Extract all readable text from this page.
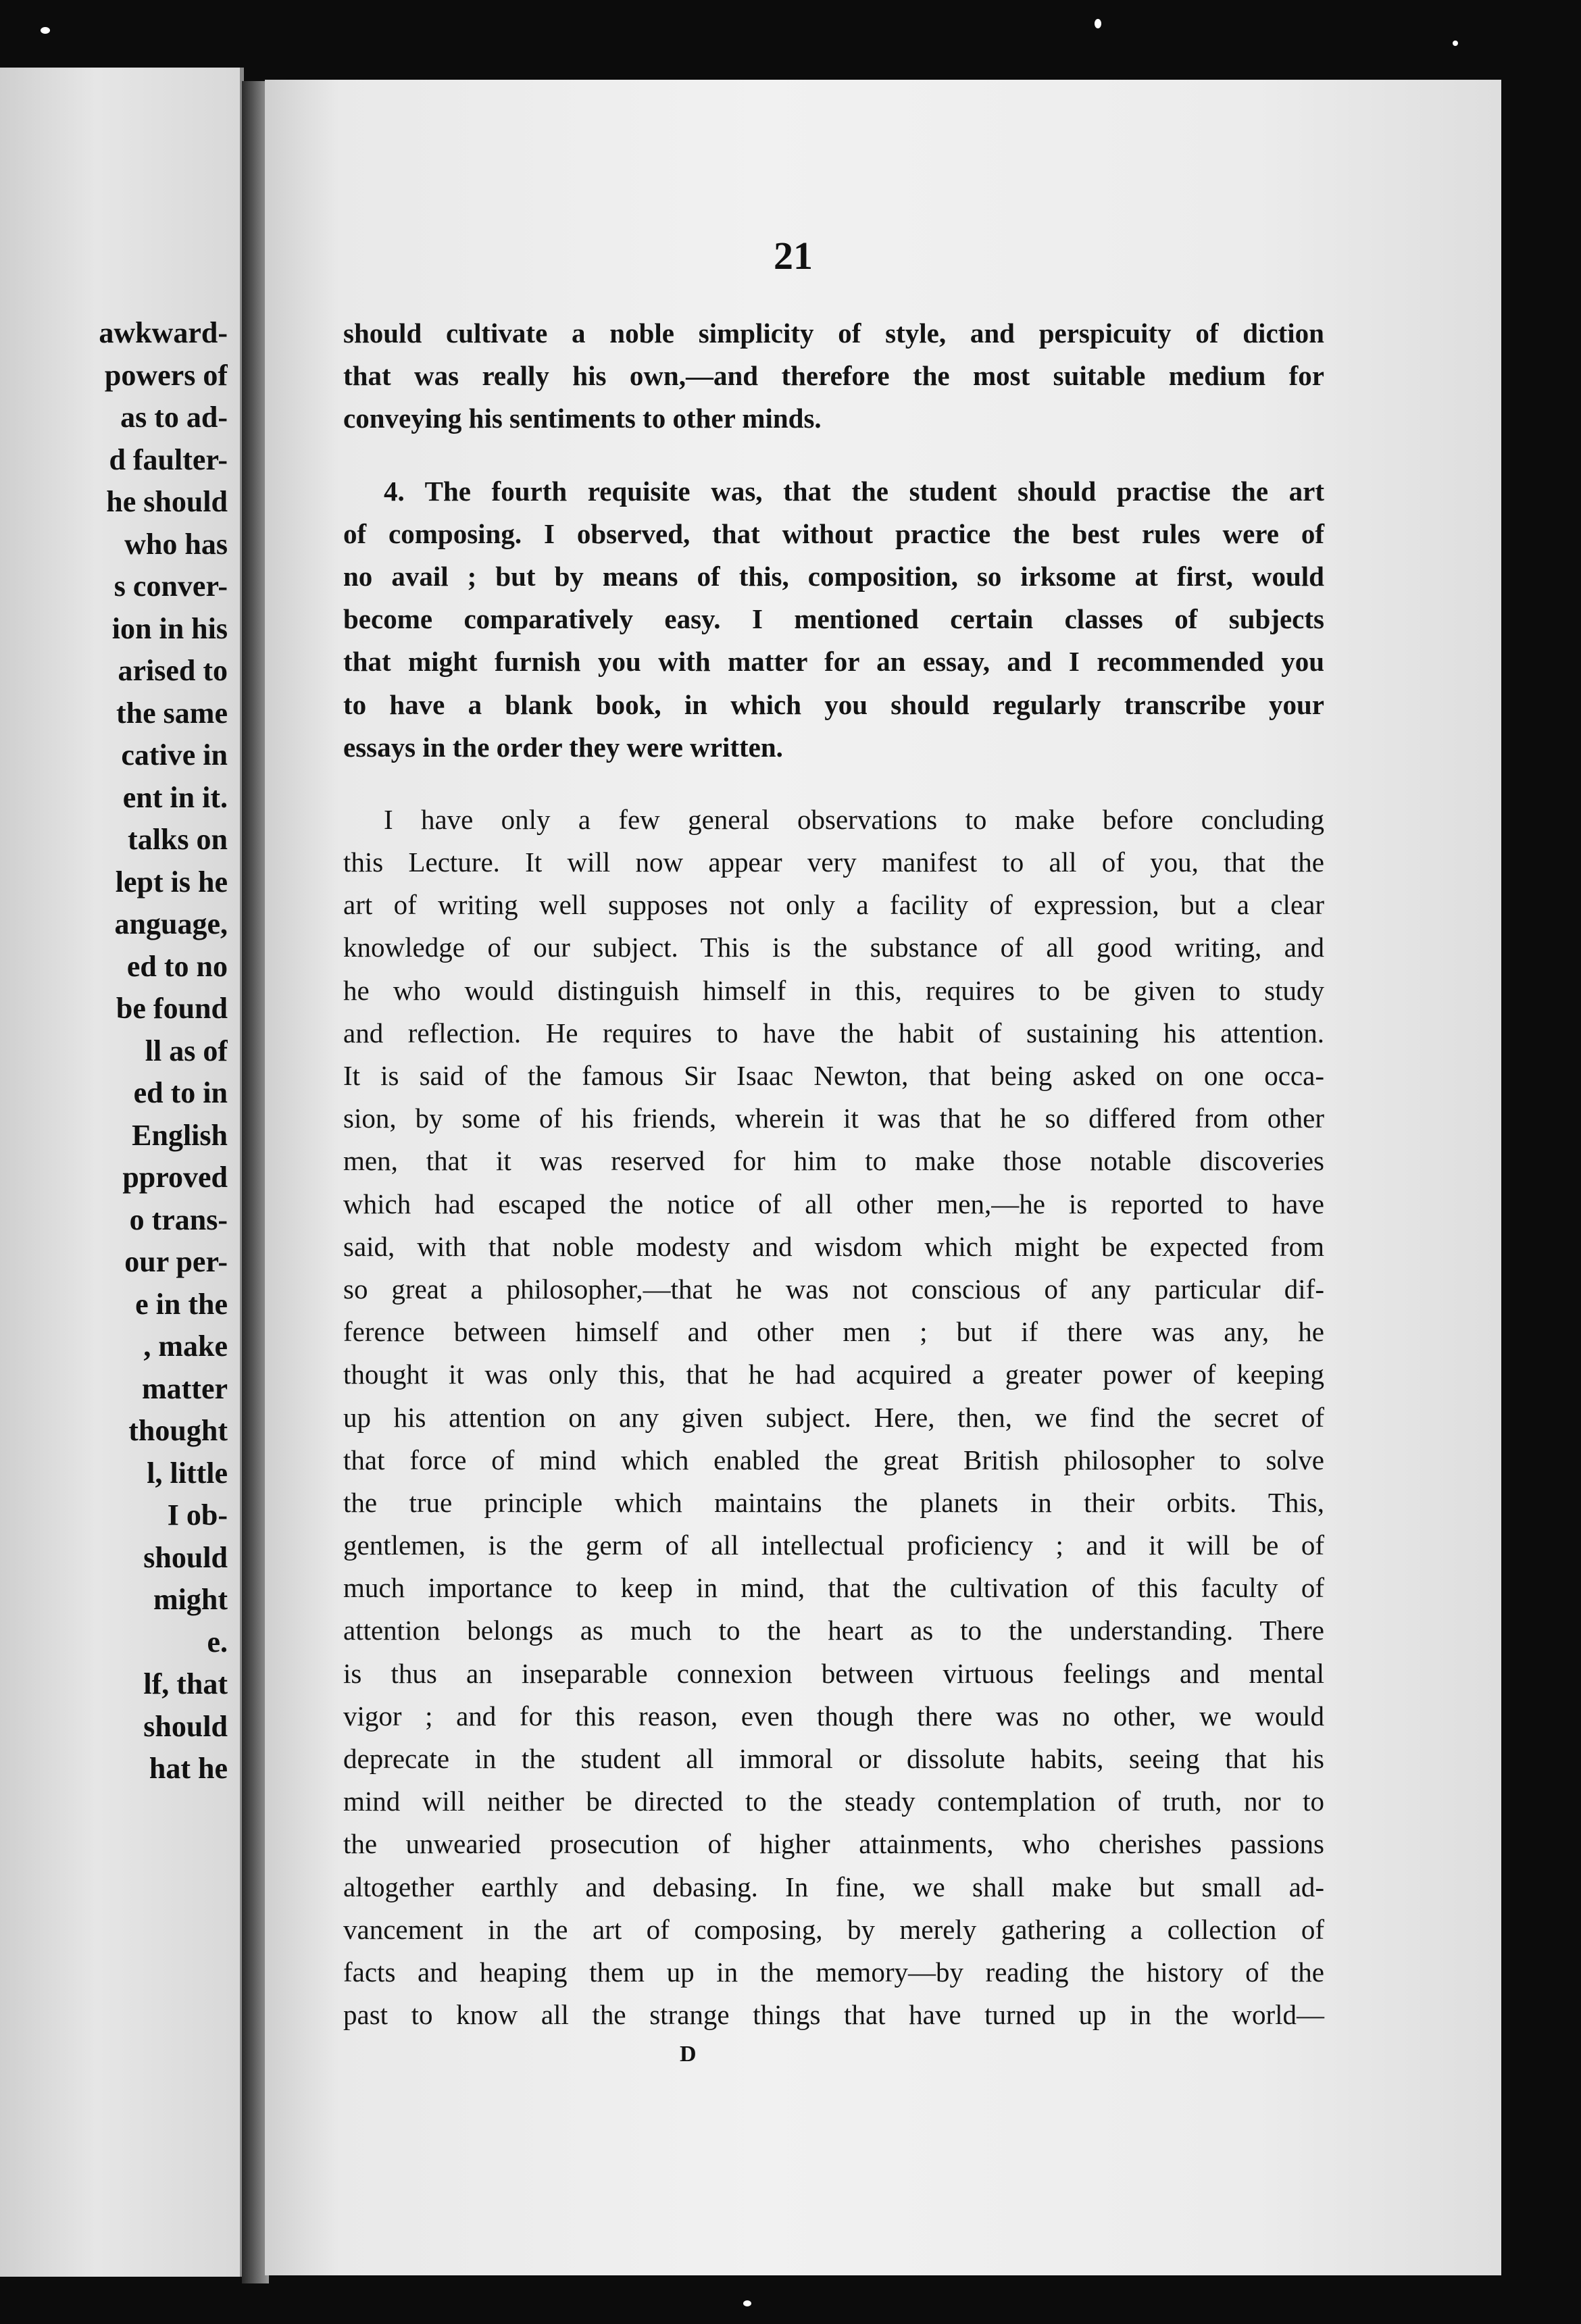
awkward-
powers of
as to ad-
d faulter-
he should
who has
s conver-
ion in his
arised to
the same
cative in
ent in it.
talks on
lept is he
anguage,
ed to no
be found
ll as of
ed to in
English
pproved
o trans-
our per-
e in the
, make
matter
thought
l, little
I ob-
should
might
e.
lf, that
should
hat he
21
should cultivate a noble simplicity of style, and perspicuity of diction
that was really his own,—and therefore the most suitable medium for
conveying his sentiments to other minds.
4. The fourth requisite was, that the student should practise the art
of composing. I observed, that without practice the best rules were of
no avail ; but by means of this, composition, so irksome at first, would
become comparatively easy. I mentioned certain classes of subjects
that might furnish you with matter for an essay, and I recommended you
to have a blank book, in which you should regularly transcribe your
essays in the order they were written.
I have only a few general observations to make before concluding
this Lecture. It will now appear very manifest to all of you, that the
art of writing well supposes not only a facility of expression, but a clear
knowledge of our subject. This is the substance of all good writing, and
he who would distinguish himself in this, requires to be given to study
and reflection. He requires to have the habit of sustaining his attention.
It is said of the famous Sir Isaac Newton, that being asked on one occa-
sion, by some of his friends, wherein it was that he so differed from other
men, that it was reserved for him to make those notable discoveries
which had escaped the notice of all other men,—he is reported to have
said, with that noble modesty and wisdom which might be expected from
so great a philosopher,—that he was not conscious of any particular dif-
ference between himself and other men ; but if there was any, he
thought it was only this, that he had acquired a greater power of keeping
up his attention on any given subject. Here, then, we find the secret of
that force of mind which enabled the great British philosopher to solve
the true principle which maintains the planets in their orbits. This,
gentlemen, is the germ of all intellectual proficiency ; and it will be of
much importance to keep in mind, that the cultivation of this faculty of
attention belongs as much to the heart as to the understanding. There
is thus an inseparable connexion between virtuous feelings and mental
vigor ; and for this reason, even though there was no other, we would
deprecate in the student all immoral or dissolute habits, seeing that his
mind will neither be directed to the steady contemplation of truth, nor to
the unwearied prosecution of higher attainments, who cherishes passions
altogether earthly and debasing. In fine, we shall make but small ad-
vancement in the art of composing, by merely gathering a collection of
facts and heaping them up in the memory—by reading the history of the
past to know all the strange things that have turned up in the world—
D
